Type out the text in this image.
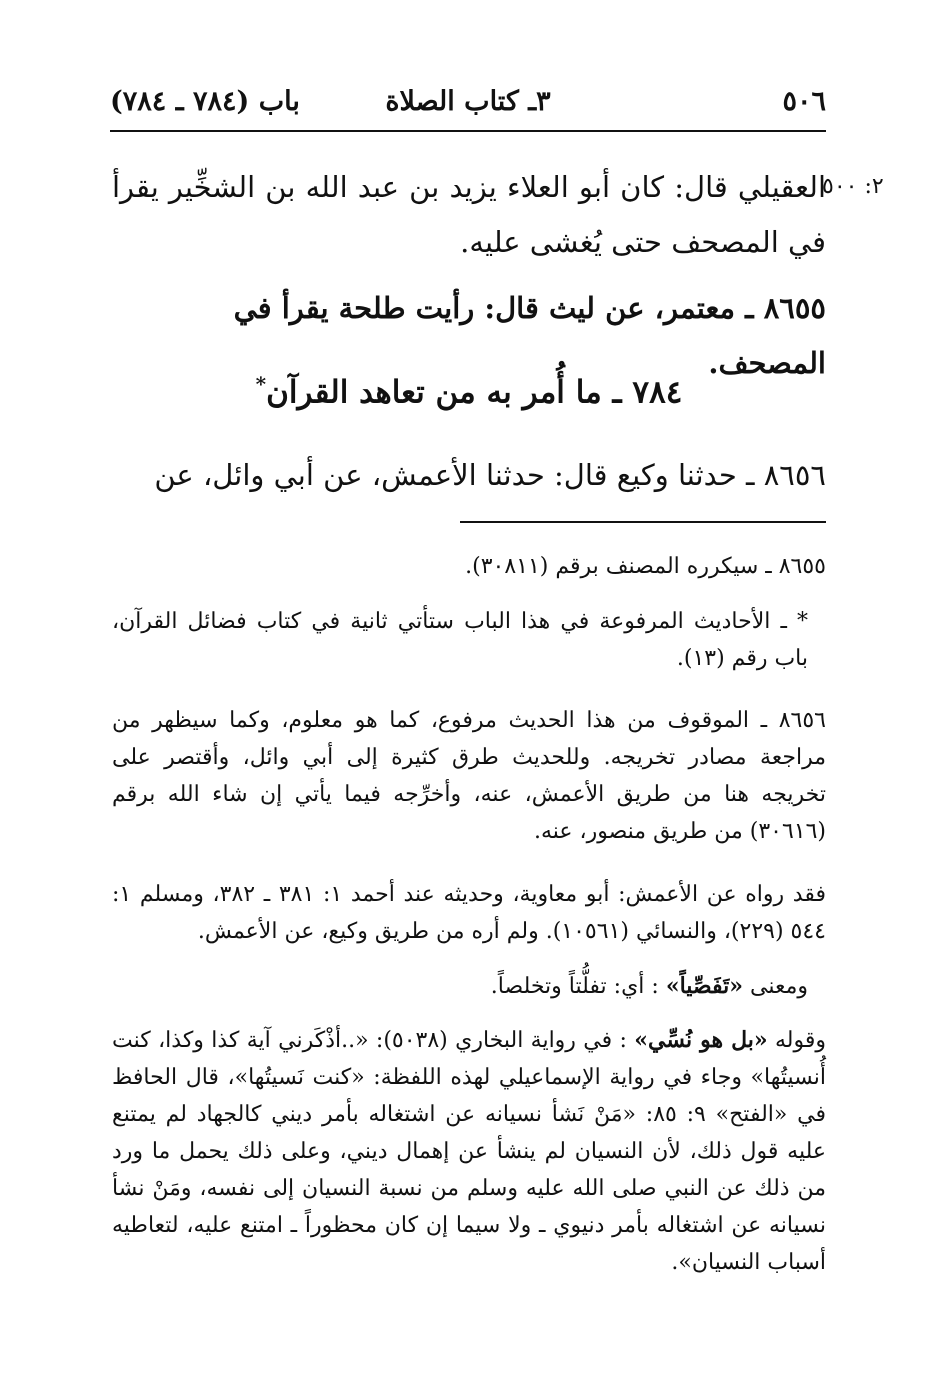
٥٠٦
٣ـ كتاب الصلاة
باب (٧٨٤ ـ ٧٨٤)
٢: ٥٠٠

العقيلي قال: كان أبو العلاء يزيد بن عبد الله بن الشخِّير يقرأ في المصحف حتى يُغشى عليه.

٨٦٥٥ ـ معتمر، عن ليث قال: رأيت طلحة يقرأ في المصحف.

٧٨٤ ـ ما أُمر به من تعاهد القرآن*

٨٦٥٦ ـ حدثنا وكيع قال: حدثنا الأعمش، عن أبي وائل، عن

٨٦٥٥ ـ سيكرره المصنف برقم (٣٠٨١١).

* ـ الأحاديث المرفوعة في هذا الباب ستأتي ثانية في كتاب فضائل القرآن، باب رقم (١٣).

٨٦٥٦ ـ الموقوف من هذا الحديث مرفوع، كما هو معلوم، وكما سيظهر من مراجعة مصادر تخريجه. وللحديث طرق كثيرة إلى أبي وائل، وأقتصر على تخريجه هنا من طريق الأعمش، عنه، وأخرِّجه فيما يأتي إن شاء الله برقم (٣٠٦١٦) من طريق منصور، عنه.

فقد رواه عن الأعمش: أبو معاوية، وحديثه عند أحمد ١: ٣٨١ ـ ٣٨٢، ومسلم ١: ٥٤٤ (٢٢٩)، والنسائي (١٠٥٦١). ولم أره من طريق وكيع، عن الأعمش.

ومعنى «تَفَصِّياً» : أي: تفلُّتاً وتخلصاً.

وقوله «بل هو نُسِّي» : في رواية البخاري (٥٠٣٨): «..أذْكَرني آية كذا وكذا، كنت أُنسيتُها» وجاء في رواية الإسماعيلي لهذه اللفظة: «كنت نَسيتُها»، قال الحافظ في «الفتح» ٩: ٨٥: «مَنْ نَشأ نسيانه عن اشتغاله بأمر ديني كالجهاد لم يمتنع عليه قول ذلك، لأن النسيان لم ينشأ عن إهمال ديني، وعلى ذلك يحمل ما ورد من ذلك عن النبي صلى الله عليه وسلم من نسبة النسيان إلى نفسه، ومَنْ نشأ نسيانه عن اشتغاله بأمر دنيوي ـ ولا سيما إن كان محظوراً ـ امتنع عليه، لتعاطيه أسباب النسيان».
